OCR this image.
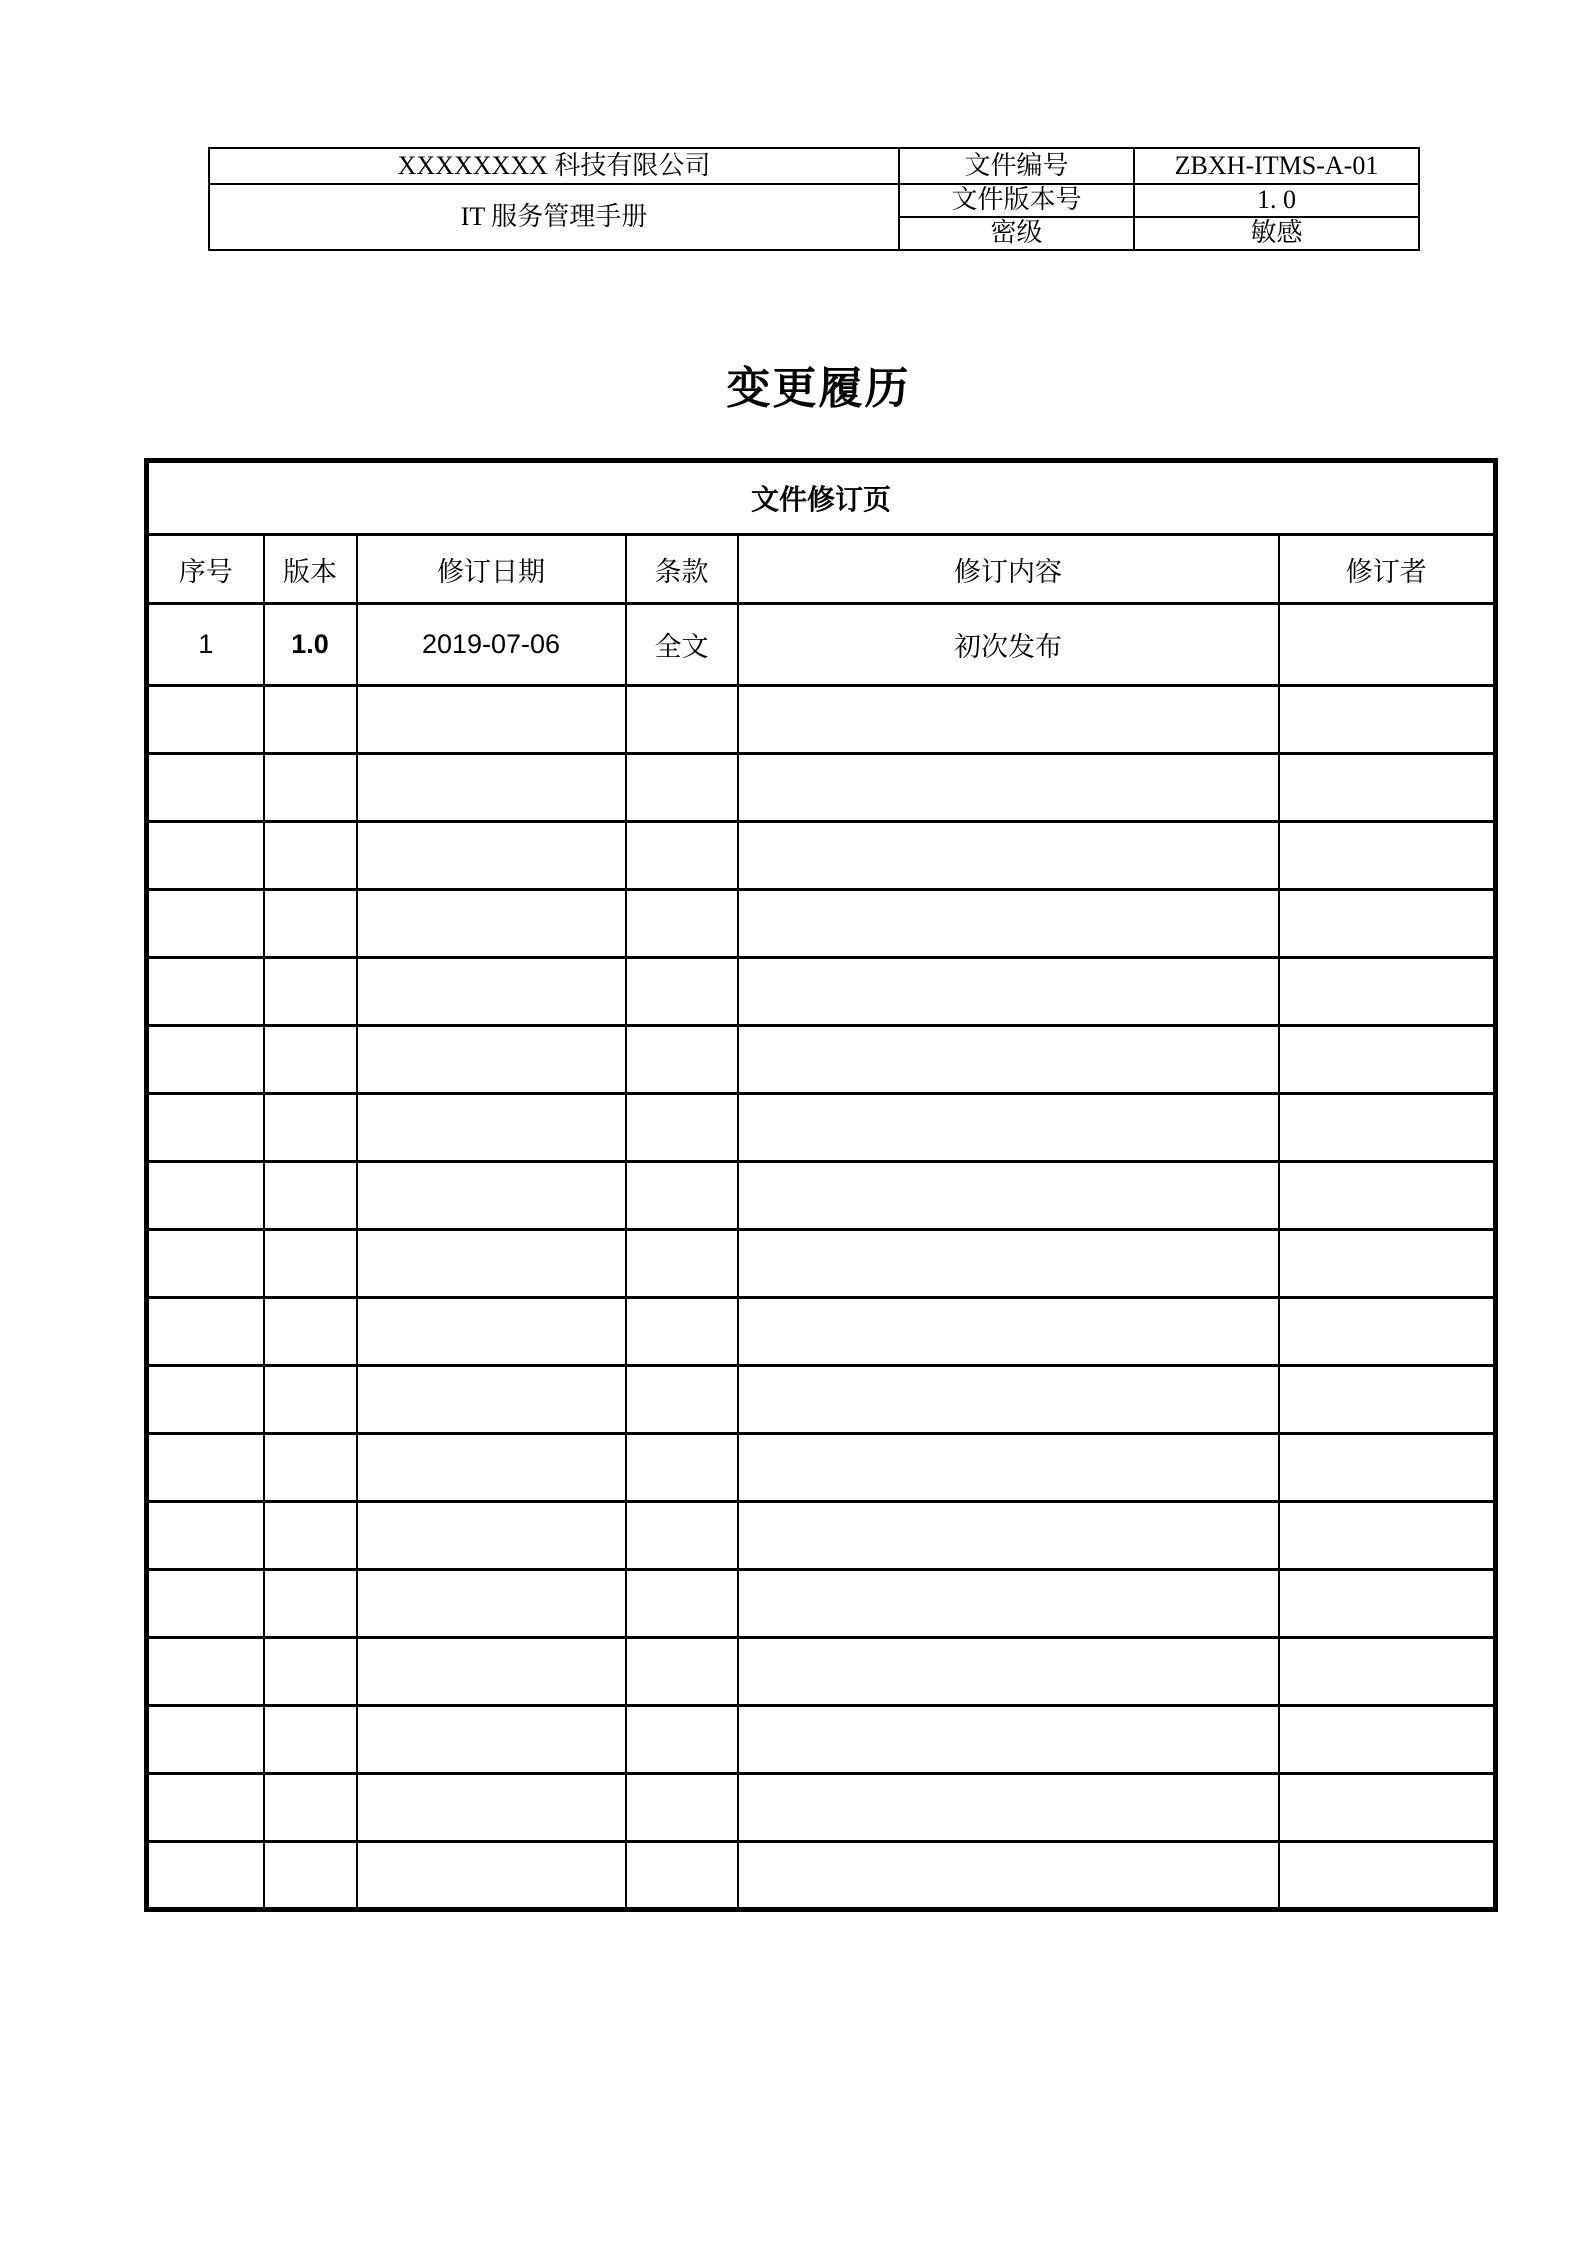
XXXXXXXX 科技有限公司	文件编号	ZBXH-ITMS-A-01
IT 服务管理手册	文件版本号	1. 0
	密级	敏感
变更履历
文件修订页					
序号	版本	修订日期	条款	修订内容	修订者
1	1.0	2019-07-06	全文	初次发布	
